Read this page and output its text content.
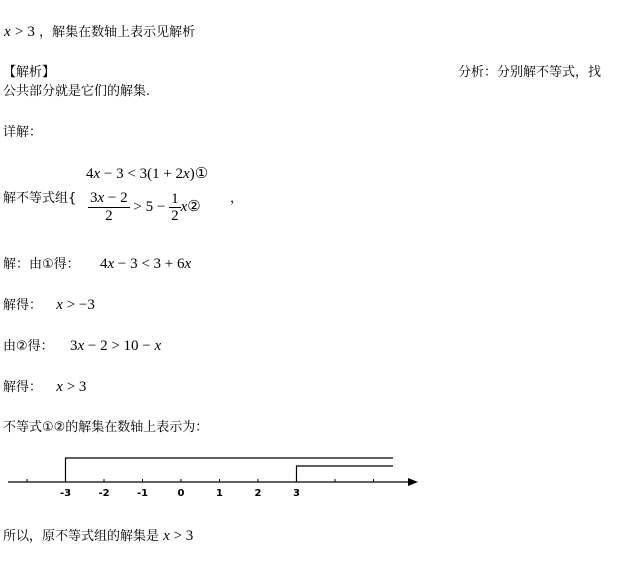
x > 3 ，解集在数轴上表示见解析
【解析】	分析：分别解不等式，找
公共部分就是它们的解集.
详解：
解不等式组{
4x − 3 < 3(1 + 2x)①
$\frac{3x - 2}{2} > 5 - \frac{1}{2}$ x②
，
解：由①得： 4x − 3 < 3 + 6x
解得： x > −3
由②得： 3x − 2 > 10 − x
解得： x > 3
不等式①②的解集在数轴上表示为：
-3	-2	-1	0	1	2	3
所以，原不等式组的解集是 x > 3
